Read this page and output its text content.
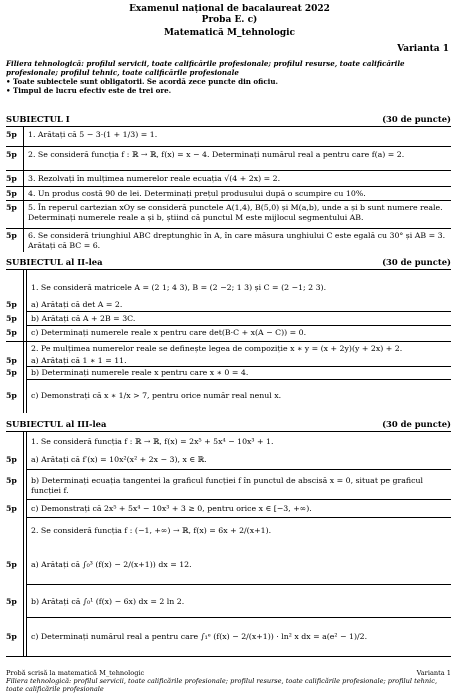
Examenul național de bacalaureat 2022
Proba E. c)
Matematică M_tehnologic
Varianta 1
Filiera tehnologică: profilul servicii, toate calificările profesionale; profilul resurse, toate calificările profesionale; profilul tehnic, toate calificările profesionale
• Toate subiectele sunt obligatorii. Se acordă zece puncte din oficiu.
• Timpul de lucru efectiv este de trei ore.
SUBIECTUL I	(30 de puncte)
5p	1. Arătați că 5 − 3·(1 + 1/3) = 1.
5p	2. Se consideră funcția f : ℝ → ℝ, f(x) = x − 4. Determinați numărul real a pentru care f(a) = 2.
5p	3. Rezolvați în mulțimea numerelor reale ecuația √(4 + 2x) = 2.
5p	4. Un produs costă 90 de lei. Determinați prețul produsului după o scumpire cu 10%.
5p	5. În reperul cartezian xOy se consideră punctele A(1,4), B(5,0) și M(a,b), unde a și b sunt numere reale. Determinați numerele reale a și b, știind că punctul M este mijlocul segmentului AB.
5p	6. Se consideră triunghiul ABC dreptunghic în A, în care măsura unghiului C este egală cu 30° și AB = 3. Arătați că BC = 6.
SUBIECTUL al II-lea	(30 de puncte)
1. Se consideră matricele A = (2 1; 4 3), B = (2 −2; 1 3) și C = (2 −1; 2 3).
5p	a) Arătați că det A = 2.
5p	b) Arătați că A + 2B = 3C.
5p	c) Determinați numerele reale x pentru care det(B·C + x(A − C)) = 0.
2. Pe mulțimea numerelor reale se definește legea de compoziție x ∗ y = (x + 2y)(y + 2x) + 2.
5p	a) Arătați că 1 ∗ 1 = 11.
5p	b) Determinați numerele reale x pentru care x ∗ 0 = 4.
5p	c) Demonstrați că x ∗ 1/x > 7, pentru orice număr real nenul x.
SUBIECTUL al III-lea	(30 de puncte)
1. Se consideră funcția f : ℝ → ℝ, f(x) = 2x⁵ + 5x⁴ − 10x³ + 1.
5p	a) Arătați că f′(x) = 10x²(x² + 2x − 3), x ∈ ℝ.
5p	b) Determinați ecuația tangentei la graficul funcției f în punctul de abscisă x = 0, situat pe graficul funcției f.
5p	c) Demonstrați că 2x⁵ + 5x⁴ − 10x³ + 3 ≥ 0, pentru orice x ∈ [−3, +∞).
2. Se consideră funcția f : (−1, +∞) → ℝ, f(x) = 6x + 2/(x+1).
5p	a) Arătați că ∫₀³ (f(x) − 2/(x+1)) dx = 12.
5p	b) Arătați că ∫₀¹ (f(x) − 6x) dx = 2 ln 2.
5p	c) Determinați numărul real a pentru care ∫₁ᵉ (f(x) − 2/(x+1)) · ln² x dx = a(e² − 1)/2.
Probă scrisă la matematică M_tehnologic	Varianta 1
Filiera tehnologică: profilul servicii, toate calificările profesionale; profilul resurse, toate calificările profesionale; profilul tehnic, toate calificările profesionale
